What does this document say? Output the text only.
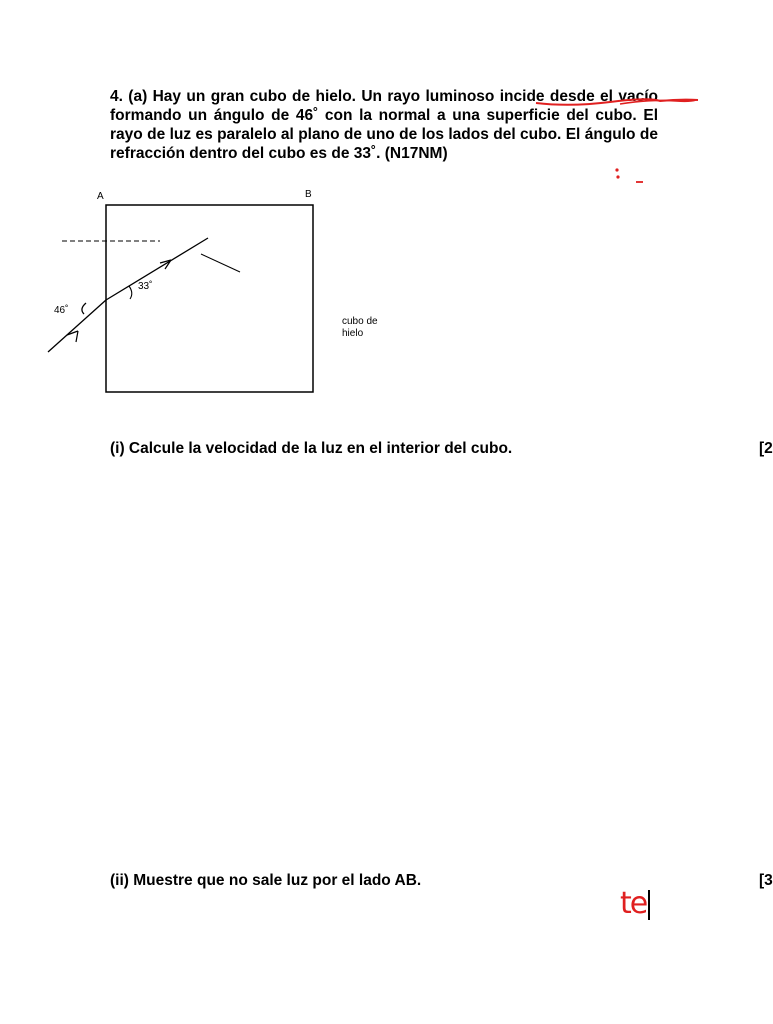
4. (a) Hay un gran cubo de hielo. Un rayo luminoso incide desde el vacío formando un ángulo de 46˚ con la normal a una superficie del cubo. El rayo de luz es paralelo al plano de uno de los lados del cubo. El ángulo de refracción dentro del cubo es de 33˚. (N17NM)

A	B
46˚
33˚
cubo de
hielo

(i) Calcule la velocidad de la luz en el interior del cubo.	[2

(ii) Muestre que no sale luz por el lado AB.	[3
te
